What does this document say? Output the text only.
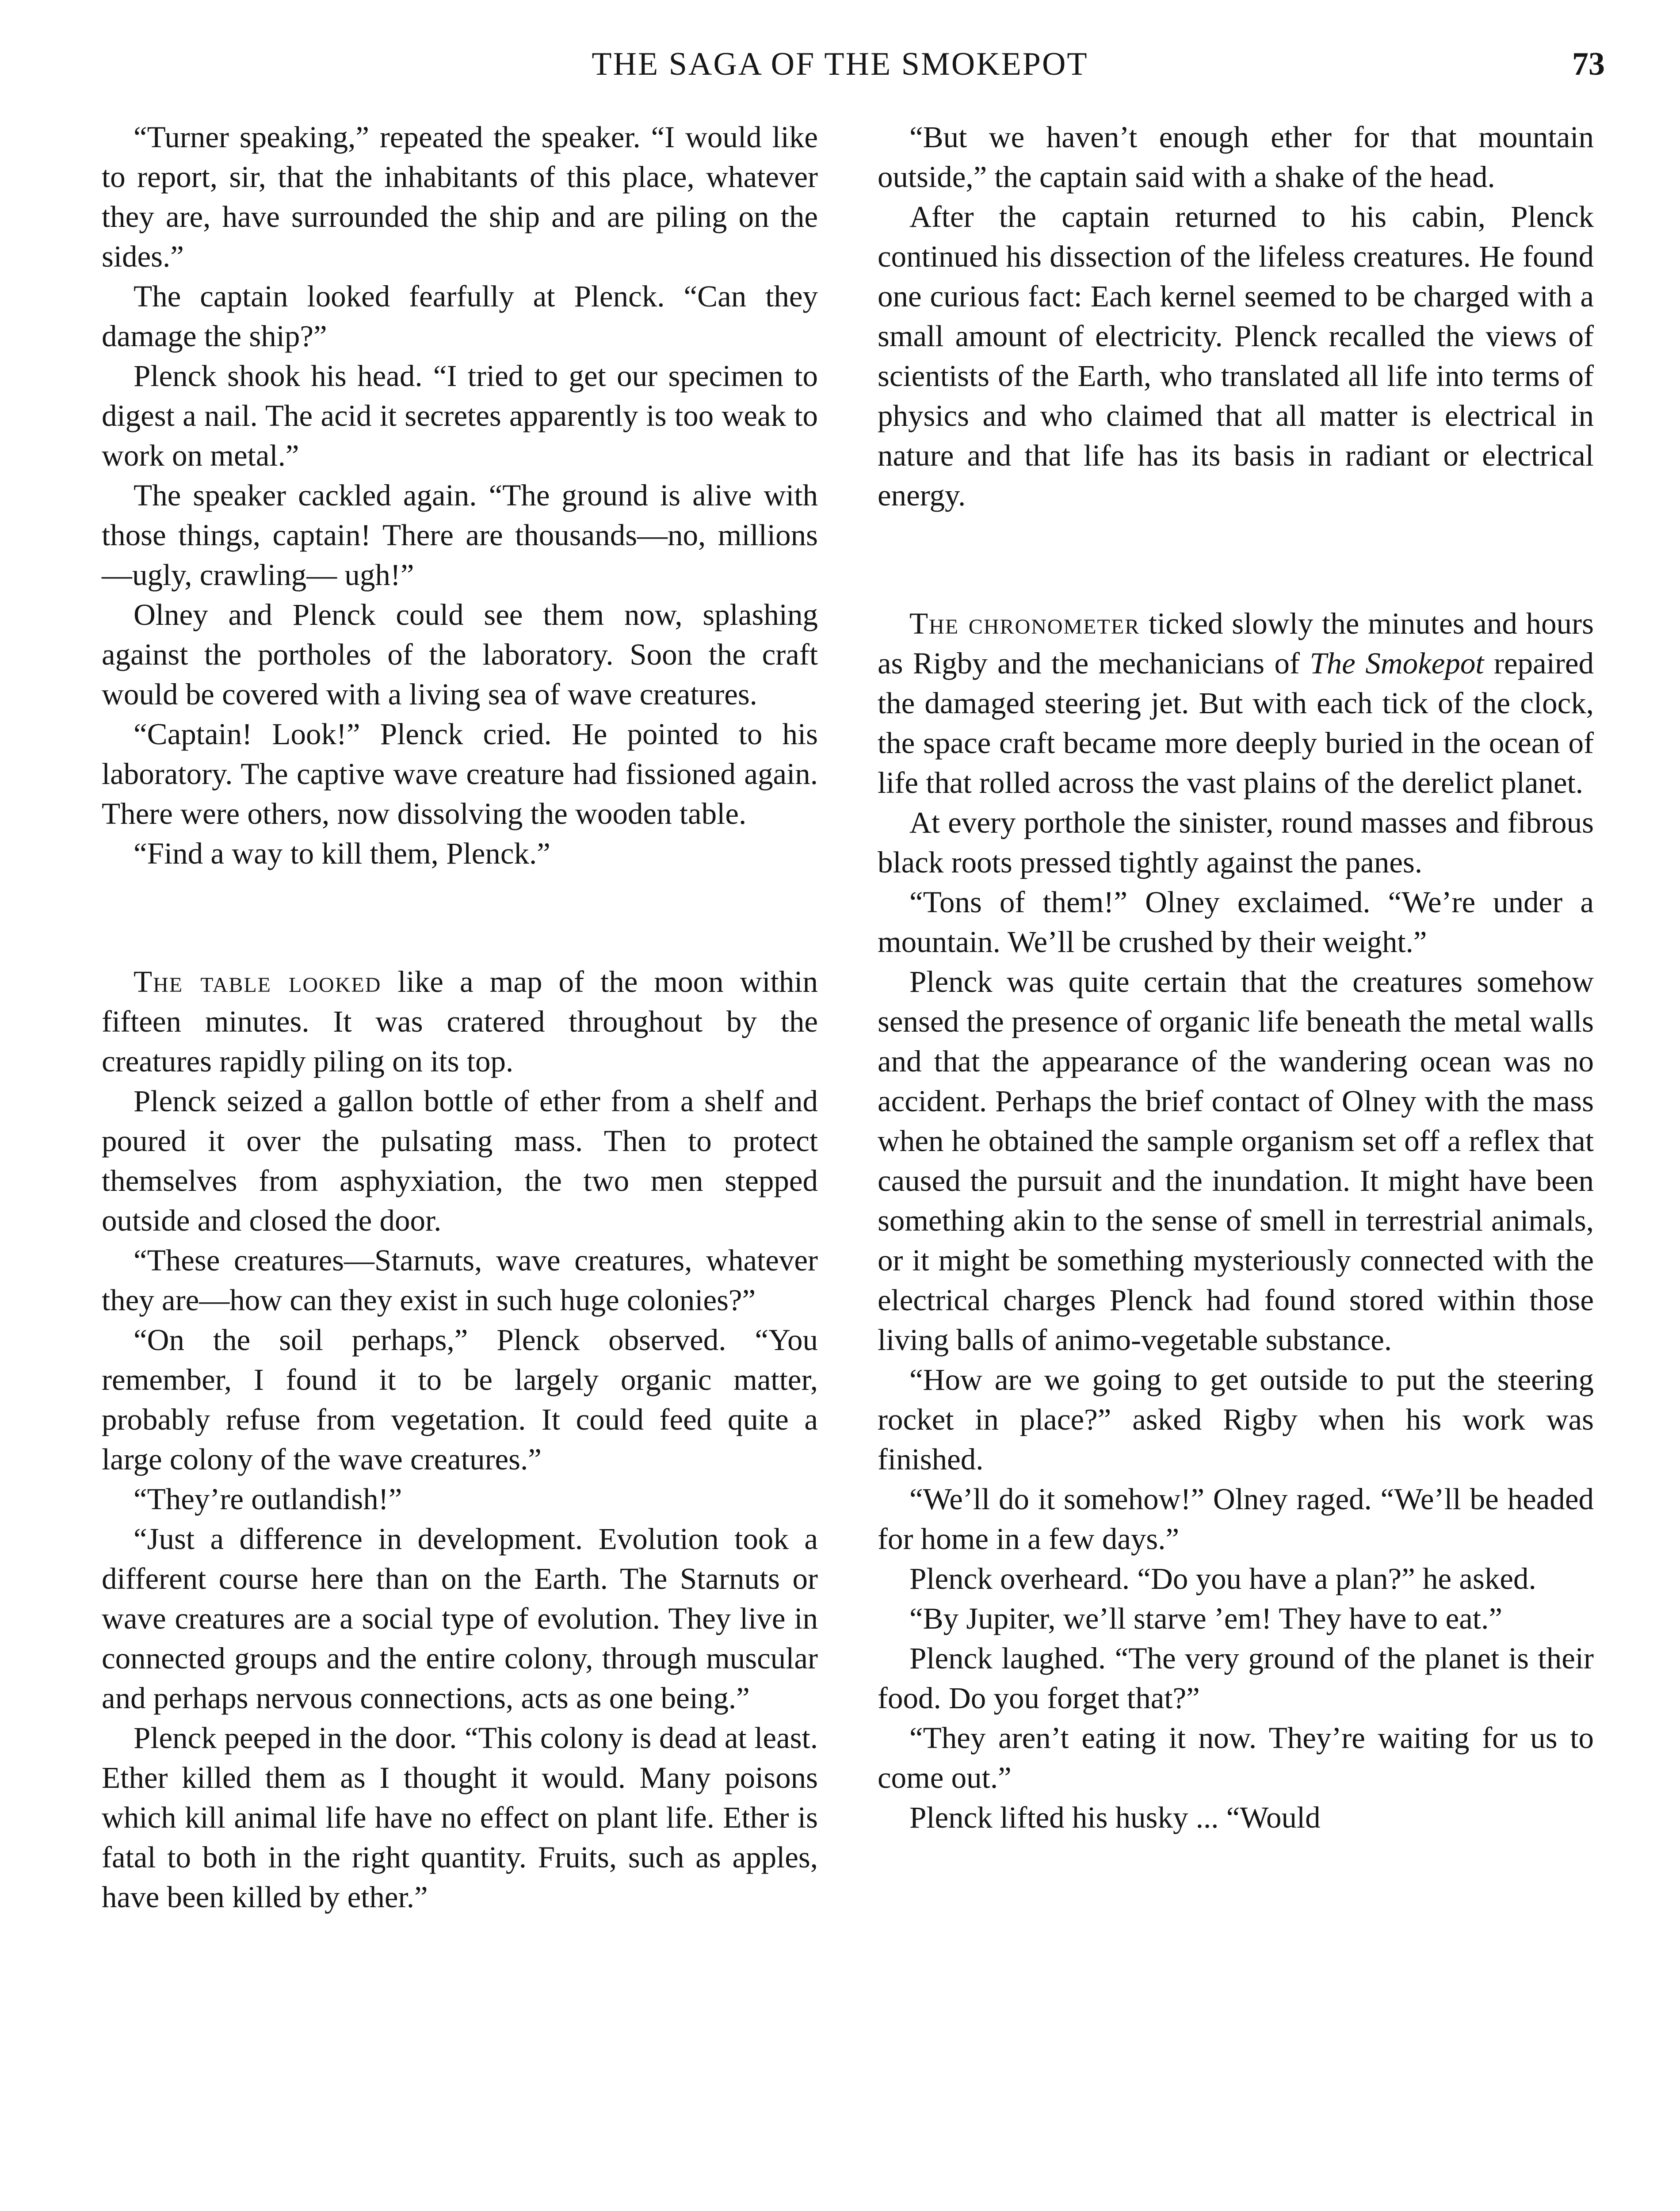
THE SAGA OF THE SMOKEPOT	73

“Turner speaking,” repeated the speaker. “I would like to report, sir, that the inhabitants of this place, whatever they are, have surrounded the ship and are piling on the sides.”

The captain looked fearfully at Plenck. “Can they damage the ship?”

Plenck shook his head. “I tried to get our specimen to digest a nail. The acid it secretes apparently is too weak to work on metal.”

The speaker cackled again. “The ground is alive with those things, captain! There are thousands—no, millions—ugly, crawling— ugh!”

Olney and Plenck could see them now, splashing against the portholes of the laboratory. Soon the craft would be covered with a living sea of wave creatures.

“Captain! Look!” Plenck cried. He pointed to his laboratory. The captive wave creature had fissioned again. There were others, now dissolving the wooden table.

“Find a way to kill them, Plenck.”

The table looked like a map of the moon within fifteen minutes. It was cratered throughout by the creatures rapidly piling on its top.

Plenck seized a gallon bottle of ether from a shelf and poured it over the pulsating mass. Then to protect themselves from asphyxiation, the two men stepped outside and closed the door.

“These creatures—Starnuts, wave creatures, whatever they are—how can they exist in such huge colonies?”

“On the soil perhaps,” Plenck observed. “You remember, I found it to be largely organic matter, probably refuse from vegetation. It could feed quite a large colony of the wave creatures.”

“They’re outlandish!”

“Just a difference in development. Evolution took a different course here than on the Earth. The Starnuts or wave creatures are a social type of evolution. They live in connected groups and the entire colony, through muscular and perhaps nervous connections, acts as one being.”

Plenck peeped in the door. “This colony is dead at least. Ether killed them as I thought it would. Many poisons which kill animal life have no effect on plant life. Ether is fatal to both in the right quantity. Fruits, such as apples, have been killed by ether.”

“But we haven’t enough ether for that mountain outside,” the captain said with a shake of the head.

After the captain returned to his cabin, Plenck continued his dissection of the lifeless creatures. He found one curious fact: Each kernel seemed to be charged with a small amount of electricity. Plenck recalled the views of scientists of the Earth, who translated all life into terms of physics and who claimed that all matter is electrical in nature and that life has its basis in radiant or electrical energy.

The chronometer ticked slowly the minutes and hours as Rigby and the mechanicians of The Smokepot repaired the damaged steering jet. But with each tick of the clock, the space craft became more deeply buried in the ocean of life that rolled across the vast plains of the derelict planet.

At every porthole the sinister, round masses and fibrous black roots pressed tightly against the panes.

“Tons of them!” Olney exclaimed. “We’re under a mountain. We’ll be crushed by their weight.”

Plenck was quite certain that the creatures somehow sensed the presence of organic life beneath the metal walls and that the appearance of the wandering ocean was no accident. Perhaps the brief contact of Olney with the mass when he obtained the sample organism set off a reflex that caused the pursuit and the inundation. It might have been something akin to the sense of smell in terrestrial animals, or it might be something mysteriously connected with the electrical charges Plenck had found stored within those living balls of animo-vegetable substance.

“How are we going to get outside to put the steering rocket in place?” asked Rigby when his work was finished.

“We’ll do it somehow!” Olney raged. “We’ll be headed for home in a few days.”

Plenck overheard. “Do you have a plan?” he asked.

“By Jupiter, we’ll starve ’em! They have to eat.”

Plenck laughed. “The very ground of the planet is their food. Do you forget that?”

“They aren’t eating it now. They’re waiting for us to come out.”

Plenck lifted his husky ... “Would
